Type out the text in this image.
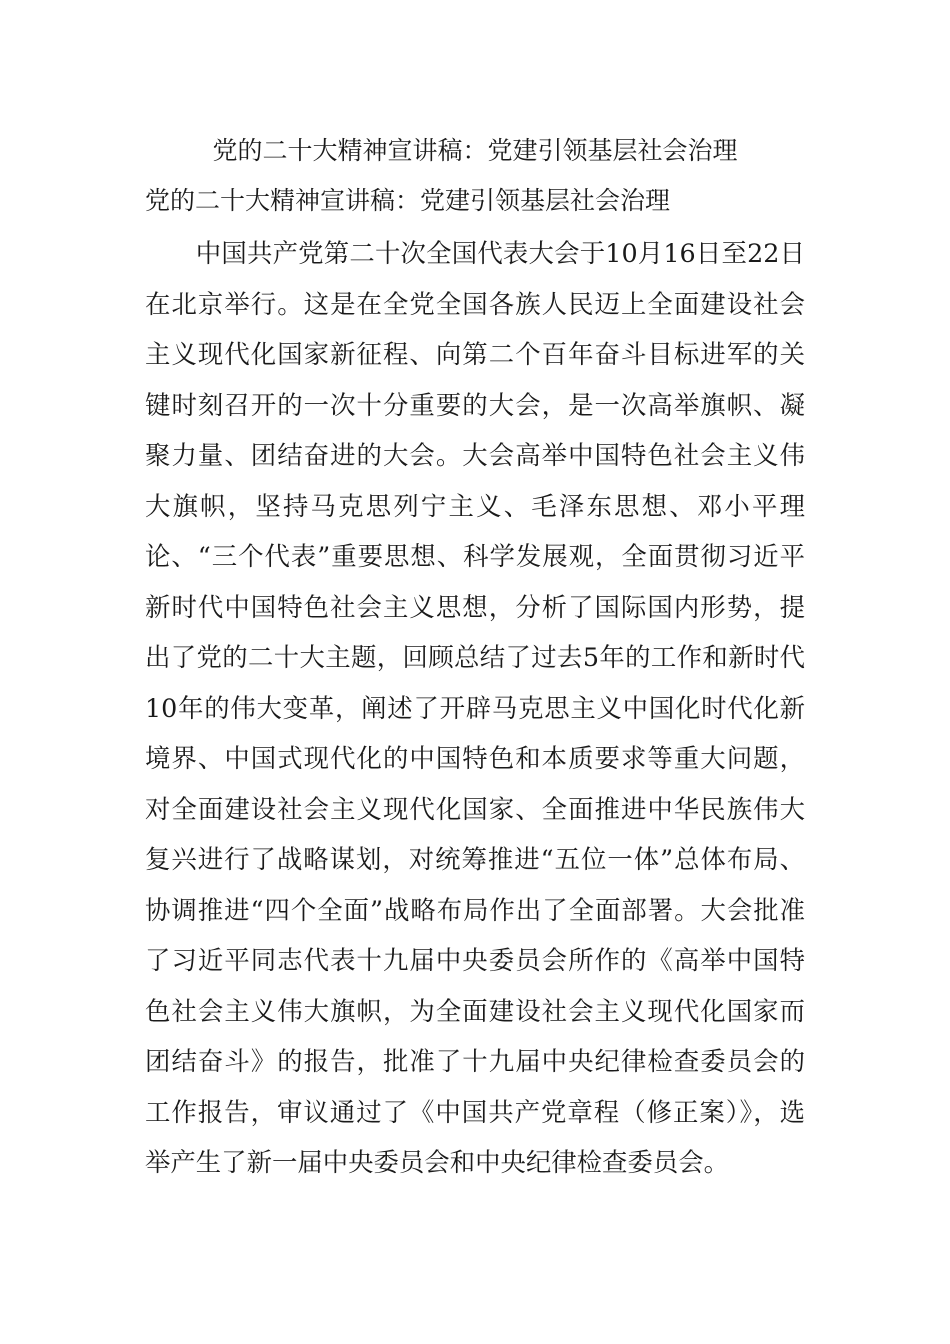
党的二十大精神宣讲稿：党建引领基层社会治理
党的二十大精神宣讲稿：党建引领基层社会治理

中国共产党第二十次全国代表大会于10月16日至22日在北京举行。这是在全党全国各族人民迈上全面建设社会主义现代化国家新征程、向第二个百年奋斗目标进军的关键时刻召开的一次十分重要的大会，是一次高举旗帜、凝聚力量、团结奋进的大会。大会高举中国特色社会主义伟大旗帜，坚持马克思列宁主义、毛泽东思想、邓小平理论、“三个代表”重要思想、科学发展观，全面贯彻习近平新时代中国特色社会主义思想，分析了国际国内形势，提出了党的二十大主题，回顾总结了过去5年的工作和新时代10年的伟大变革，阐述了开辟马克思主义中国化时代化新境界、中国式现代化的中国特色和本质要求等重大问题，对全面建设社会主义现代化国家、全面推进中华民族伟大复兴进行了战略谋划，对统筹推进“五位一体”总体布局、协调推进“四个全面”战略布局作出了全面部署。大会批准了习近平同志代表十九届中央委员会所作的《高举中国特色社会主义伟大旗帜，为全面建设社会主义现代化国家而团结奋斗》的报告，批准了十九届中央纪律检查委员会的工作报告，审议通过了《中国共产党章程（修正案）》，选举产生了新一届中央委员会和中央纪律检查委员会。
